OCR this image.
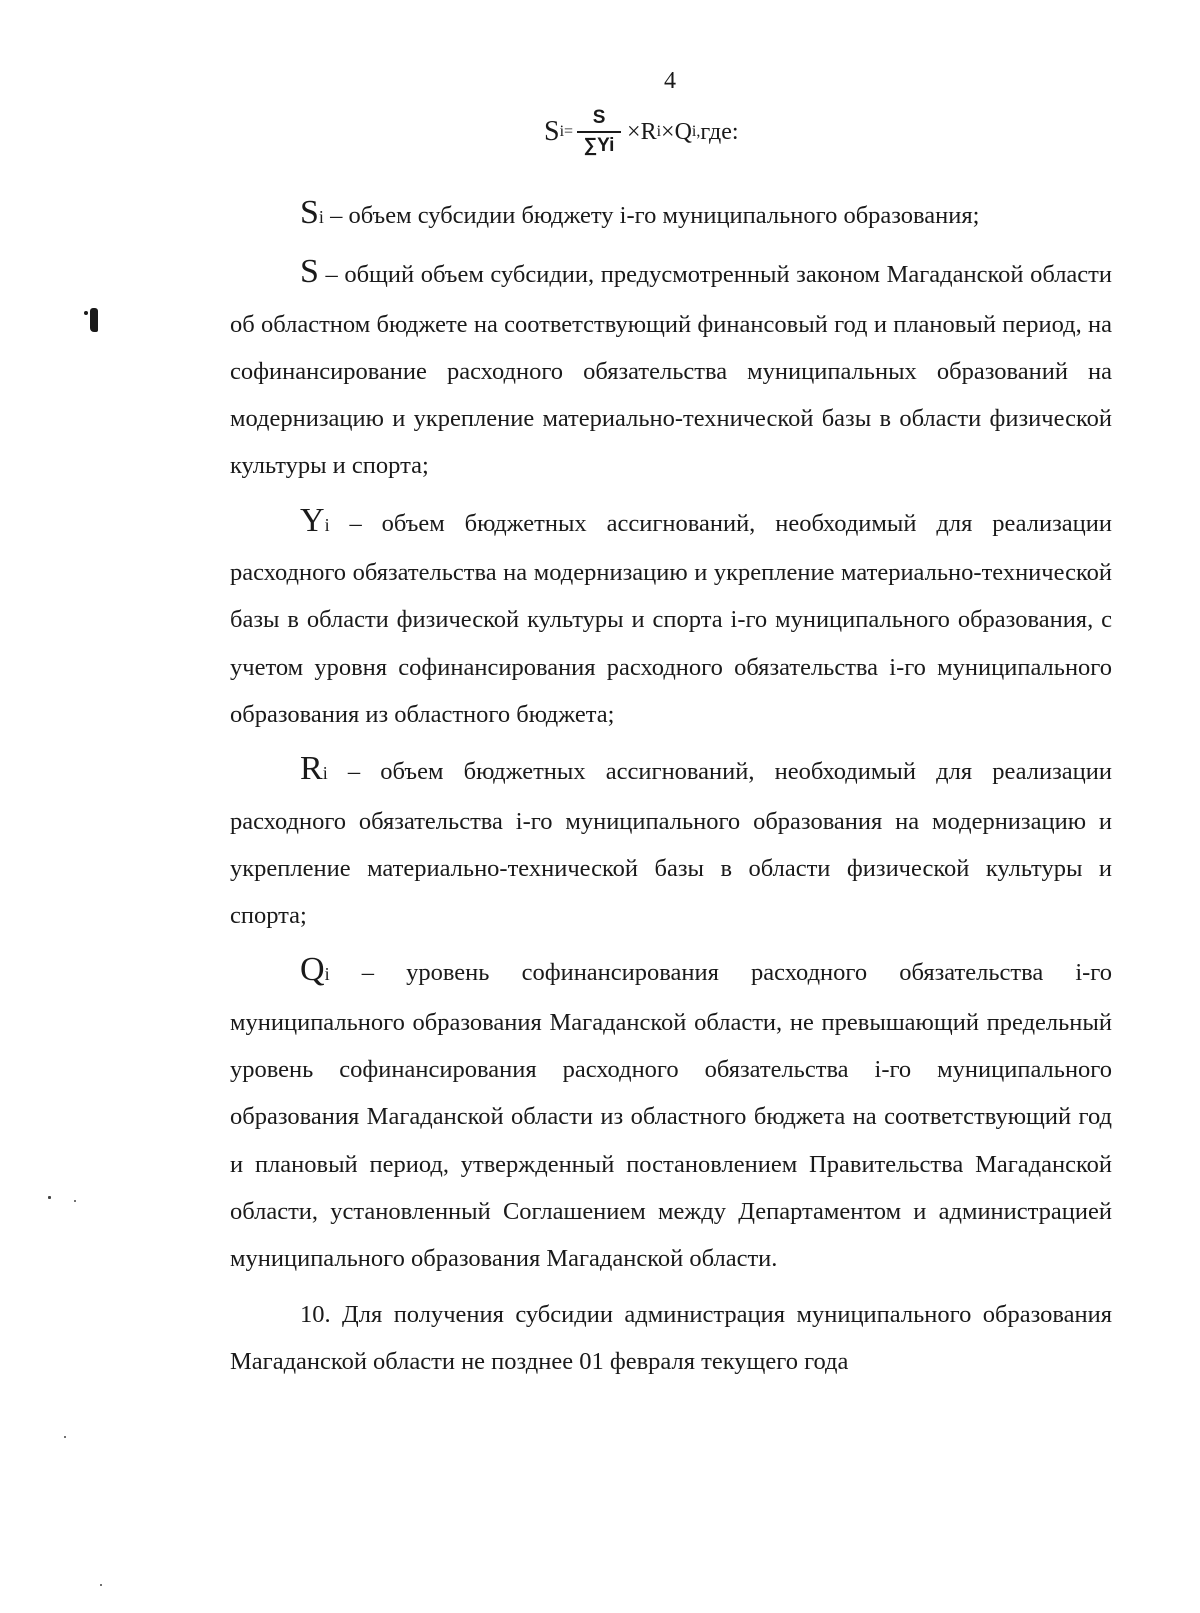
4
S $i= \frac{S}{\sum Yi} \times R$ i ×Q i, где:

Si – объем субсидии бюджету i-го муниципального образования;

S – общий объем субсидии, предусмотренный законом Магаданской области об областном бюджете на соответствующий финансовый год и плановый период, на софинансирование расходного обязательства муниципальных образований на модернизацию и укрепление материально-технической базы в области физической культуры и спорта;

Yi – объем бюджетных ассигнований, необходимый для реализации расходного обязательства на модернизацию и укрепление материально-технической базы в области физической культуры и спорта i-го муниципального образования, с учетом уровня софинансирования расходного обязательства i-го муниципального образования из областного бюджета;

Ri – объем бюджетных ассигнований, необходимый для реализации расходного обязательства i-го муниципального образования на модернизацию и укрепление материально-технической базы в области физической культуры и спорта;

Qi – уровень софинансирования расходного обязательства i-го муниципального образования Магаданской области, не превышающий предельный уровень софинансирования расходного обязательства i-го муниципального образования Магаданской области из областного бюджета на соответствующий год и плановый период, утвержденный постановлением Правительства Магаданской области, установленный Соглашением между Департаментом и администрацией муниципального образования Магаданской области.

10. Для получения субсидии администрация муниципального образования Магаданской области не позднее 01 февраля текущего года
